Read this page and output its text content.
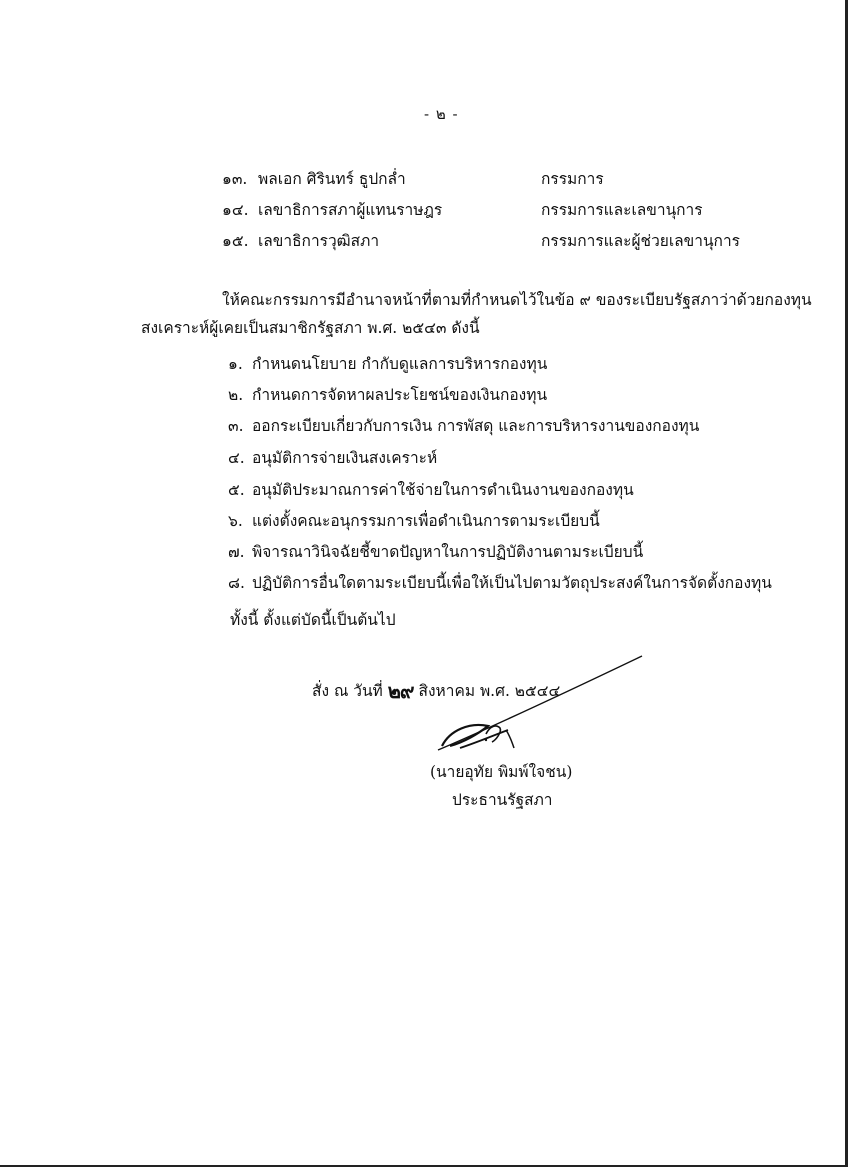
- ๒ -
๑๓. พลเอก ศิรินทร์ ธูปกล่ำ	กรรมการ
๑๔. เลขาธิการสภาผู้แทนราษฎร	กรรมการและเลขานุการ
๑๕. เลขาธิการวุฒิสภา	กรรมการและผู้ช่วยเลขานุการ
ให้คณะกรรมการมีอำนาจหน้าที่ตามที่กำหนดไว้ในข้อ ๙ ของระเบียบรัฐสภาว่าด้วยกองทุน
สงเคราะห์ผู้เคยเป็นสมาชิกรัฐสภา พ.ศ. ๒๕๔๓ ดังนี้
๑. กำหนดนโยบาย กำกับดูแลการบริหารกองทุน
๒. กำหนดการจัดหาผลประโยชน์ของเงินกองทุน
๓. ออกระเบียบเกี่ยวกับการเงิน การพัสดุ และการบริหารงานของกองทุน
๔. อนุมัติการจ่ายเงินสงเคราะห์
๕. อนุมัติประมาณการค่าใช้จ่ายในการดำเนินงานของกองทุน
๖. แต่งตั้งคณะอนุกรรมการเพื่อดำเนินการตามระเบียบนี้
๗. พิจารณาวินิจฉัยชี้ขาดปัญหาในการปฏิบัติงานตามระเบียบนี้
๘. ปฏิบัติการอื่นใดตามระเบียบนี้เพื่อให้เป็นไปตามวัตถุประสงค์ในการจัดตั้งกองทุน
ทั้งนี้ ตั้งแต่บัดนี้เป็นต้นไป
สั่ง ณ วันที่ ๒๙ สิงหาคม พ.ศ. ๒๕๔๔
(นายอุทัย พิมพ์ใจชน)
ประธานรัฐสภา
